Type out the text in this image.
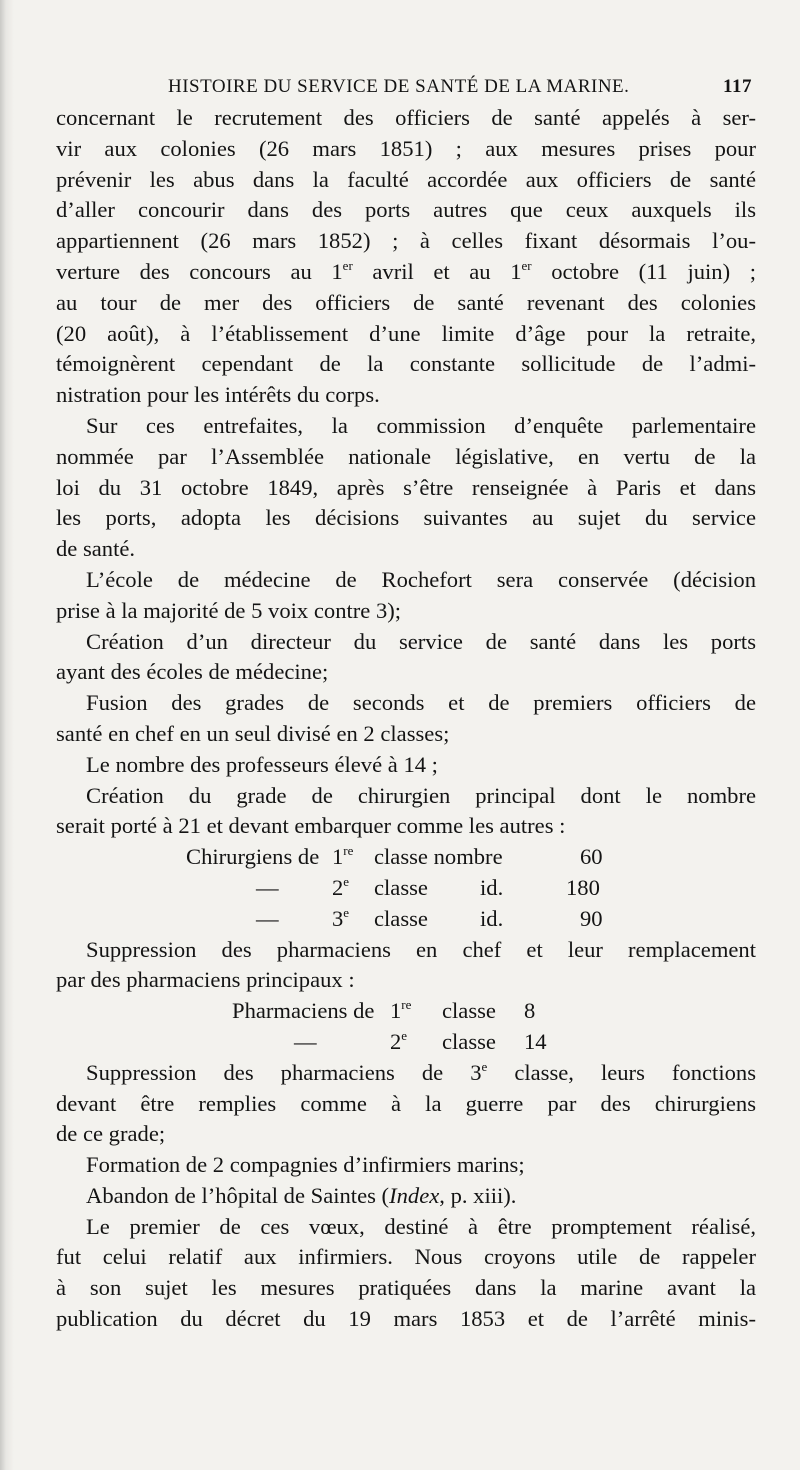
HISTOIRE DU SERVICE DE SANTÉ DE LA MARINE.	117
concernant le recrutement des officiers de santé appelés à ser-
vir aux colonies (26 mars 1851) ; aux mesures prises pour
prévenir les abus dans la faculté accordée aux officiers de santé
d’aller concourir dans des ports autres que ceux auxquels ils
appartiennent (26 mars 1852) ; à celles fixant désormais l’ou-
verture des concours au 1er avril et au 1er octobre (11 juin) ;
au tour de mer des officiers de santé revenant des colonies
(20 août), à l’établissement d’une limite d’âge pour la retraite,
témoignèrent cependant de la constante sollicitude de l’admi-
nistration pour les intérêts du corps.
Sur ces entrefaites, la commission d’enquête parlementaire
nommée par l’Assemblée nationale législative, en vertu de la
loi du 31 octobre 1849, après s’être renseignée à Paris et dans
les ports, adopta les décisions suivantes au sujet du service
de santé.
L’école de médecine de Rochefort sera conservée (décision
prise à la majorité de 5 voix contre 3);
Création d’un directeur du service de santé dans les ports
ayant des écoles de médecine;
Fusion des grades de seconds et de premiers officiers de
santé en chef en un seul divisé en 2 classes;
Le nombre des professeurs élevé à 14 ;
Création du grade de chirurgien principal dont le nombre
serait porté à 21 et devant embarquer comme les autres :
Chirurgiens de 1re classe nombre	60
— 2e classe id.	180
— 3e classe id.	90
Suppression des pharmaciens en chef et leur remplacement
par des pharmaciens principaux :
Pharmaciens de 1re classe 8
—	2e classe 14
Suppression des pharmaciens de 3e classe, leurs fonctions
devant être remplies comme à la guerre par des chirurgiens
de ce grade;
Formation de 2 compagnies d’infirmiers marins;
Abandon de l’hôpital de Saintes (Index, p. xiii).
Le premier de ces vœux, destiné à être promptement réalisé,
fut celui relatif aux infirmiers. Nous croyons utile de rappeler
à son sujet les mesures pratiquées dans la marine avant la
publication du décret du 19 mars 1853 et de l’arrêté minis-
